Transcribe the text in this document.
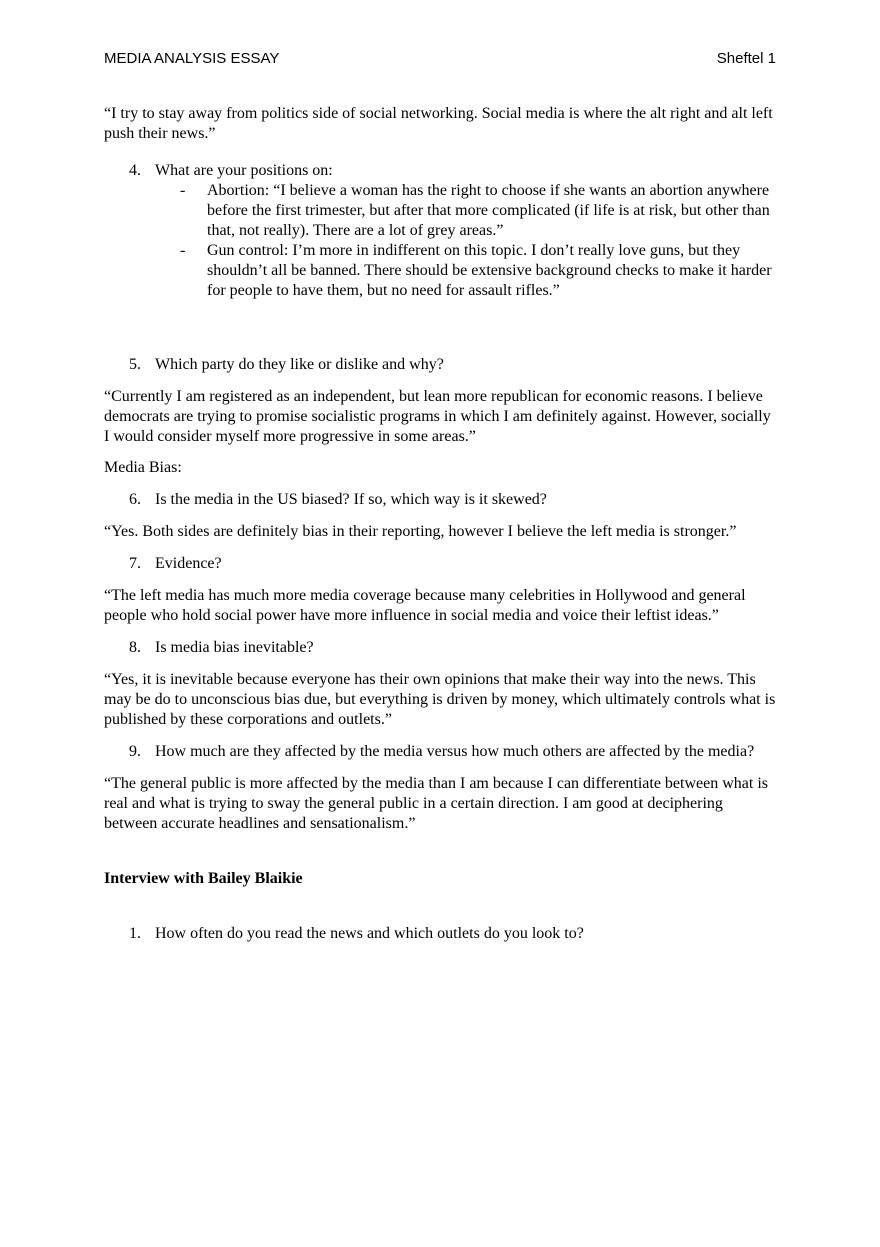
MEDIA ANALYSIS ESSAY	Sheftel 1

“I try to stay away from politics side of social networking. Social media is where the alt right and alt left push their news.”

4. What are your positions on:
-	Abortion: “I believe a woman has the right to choose if she wants an abortion anywhere before the first trimester, but after that more complicated (if life is at risk, but other than that, not really). There are a lot of grey areas.”
-	Gun control: I’m more in indifferent on this topic. I don’t really love guns, but they shouldn’t all be banned. There should be extensive background checks to make it harder for people to have them, but no need for assault rifles.”
5. Which party do they like or dislike and why?

“Currently I am registered as an independent, but lean more republican for economic reasons. I believe democrats are trying to promise socialistic programs in which I am definitely against. However, socially I would consider myself more progressive in some areas.”

Media Bias:

6. Is the media in the US biased? If so, which way is it skewed?

“Yes. Both sides are definitely bias in their reporting, however I believe the left media is stronger.”

7. Evidence?

“The left media has much more media coverage because many celebrities in Hollywood and general people who hold social power have more influence in social media and voice their leftist ideas.”

8. Is media bias inevitable?

“Yes, it is inevitable because everyone has their own opinions that make their way into the news. This may be do to unconscious bias due, but everything is driven by money, which ultimately controls what is published by these corporations and outlets.”

9. How much are they affected by the media versus how much others are affected by the media?

“The general public is more affected by the media than I am because I can differentiate between what is real and what is trying to sway the general public in a certain direction. I am good at deciphering between accurate headlines and sensationalism.”

Interview with Bailey Blaikie

1. How often do you read the news and which outlets do you look to?
